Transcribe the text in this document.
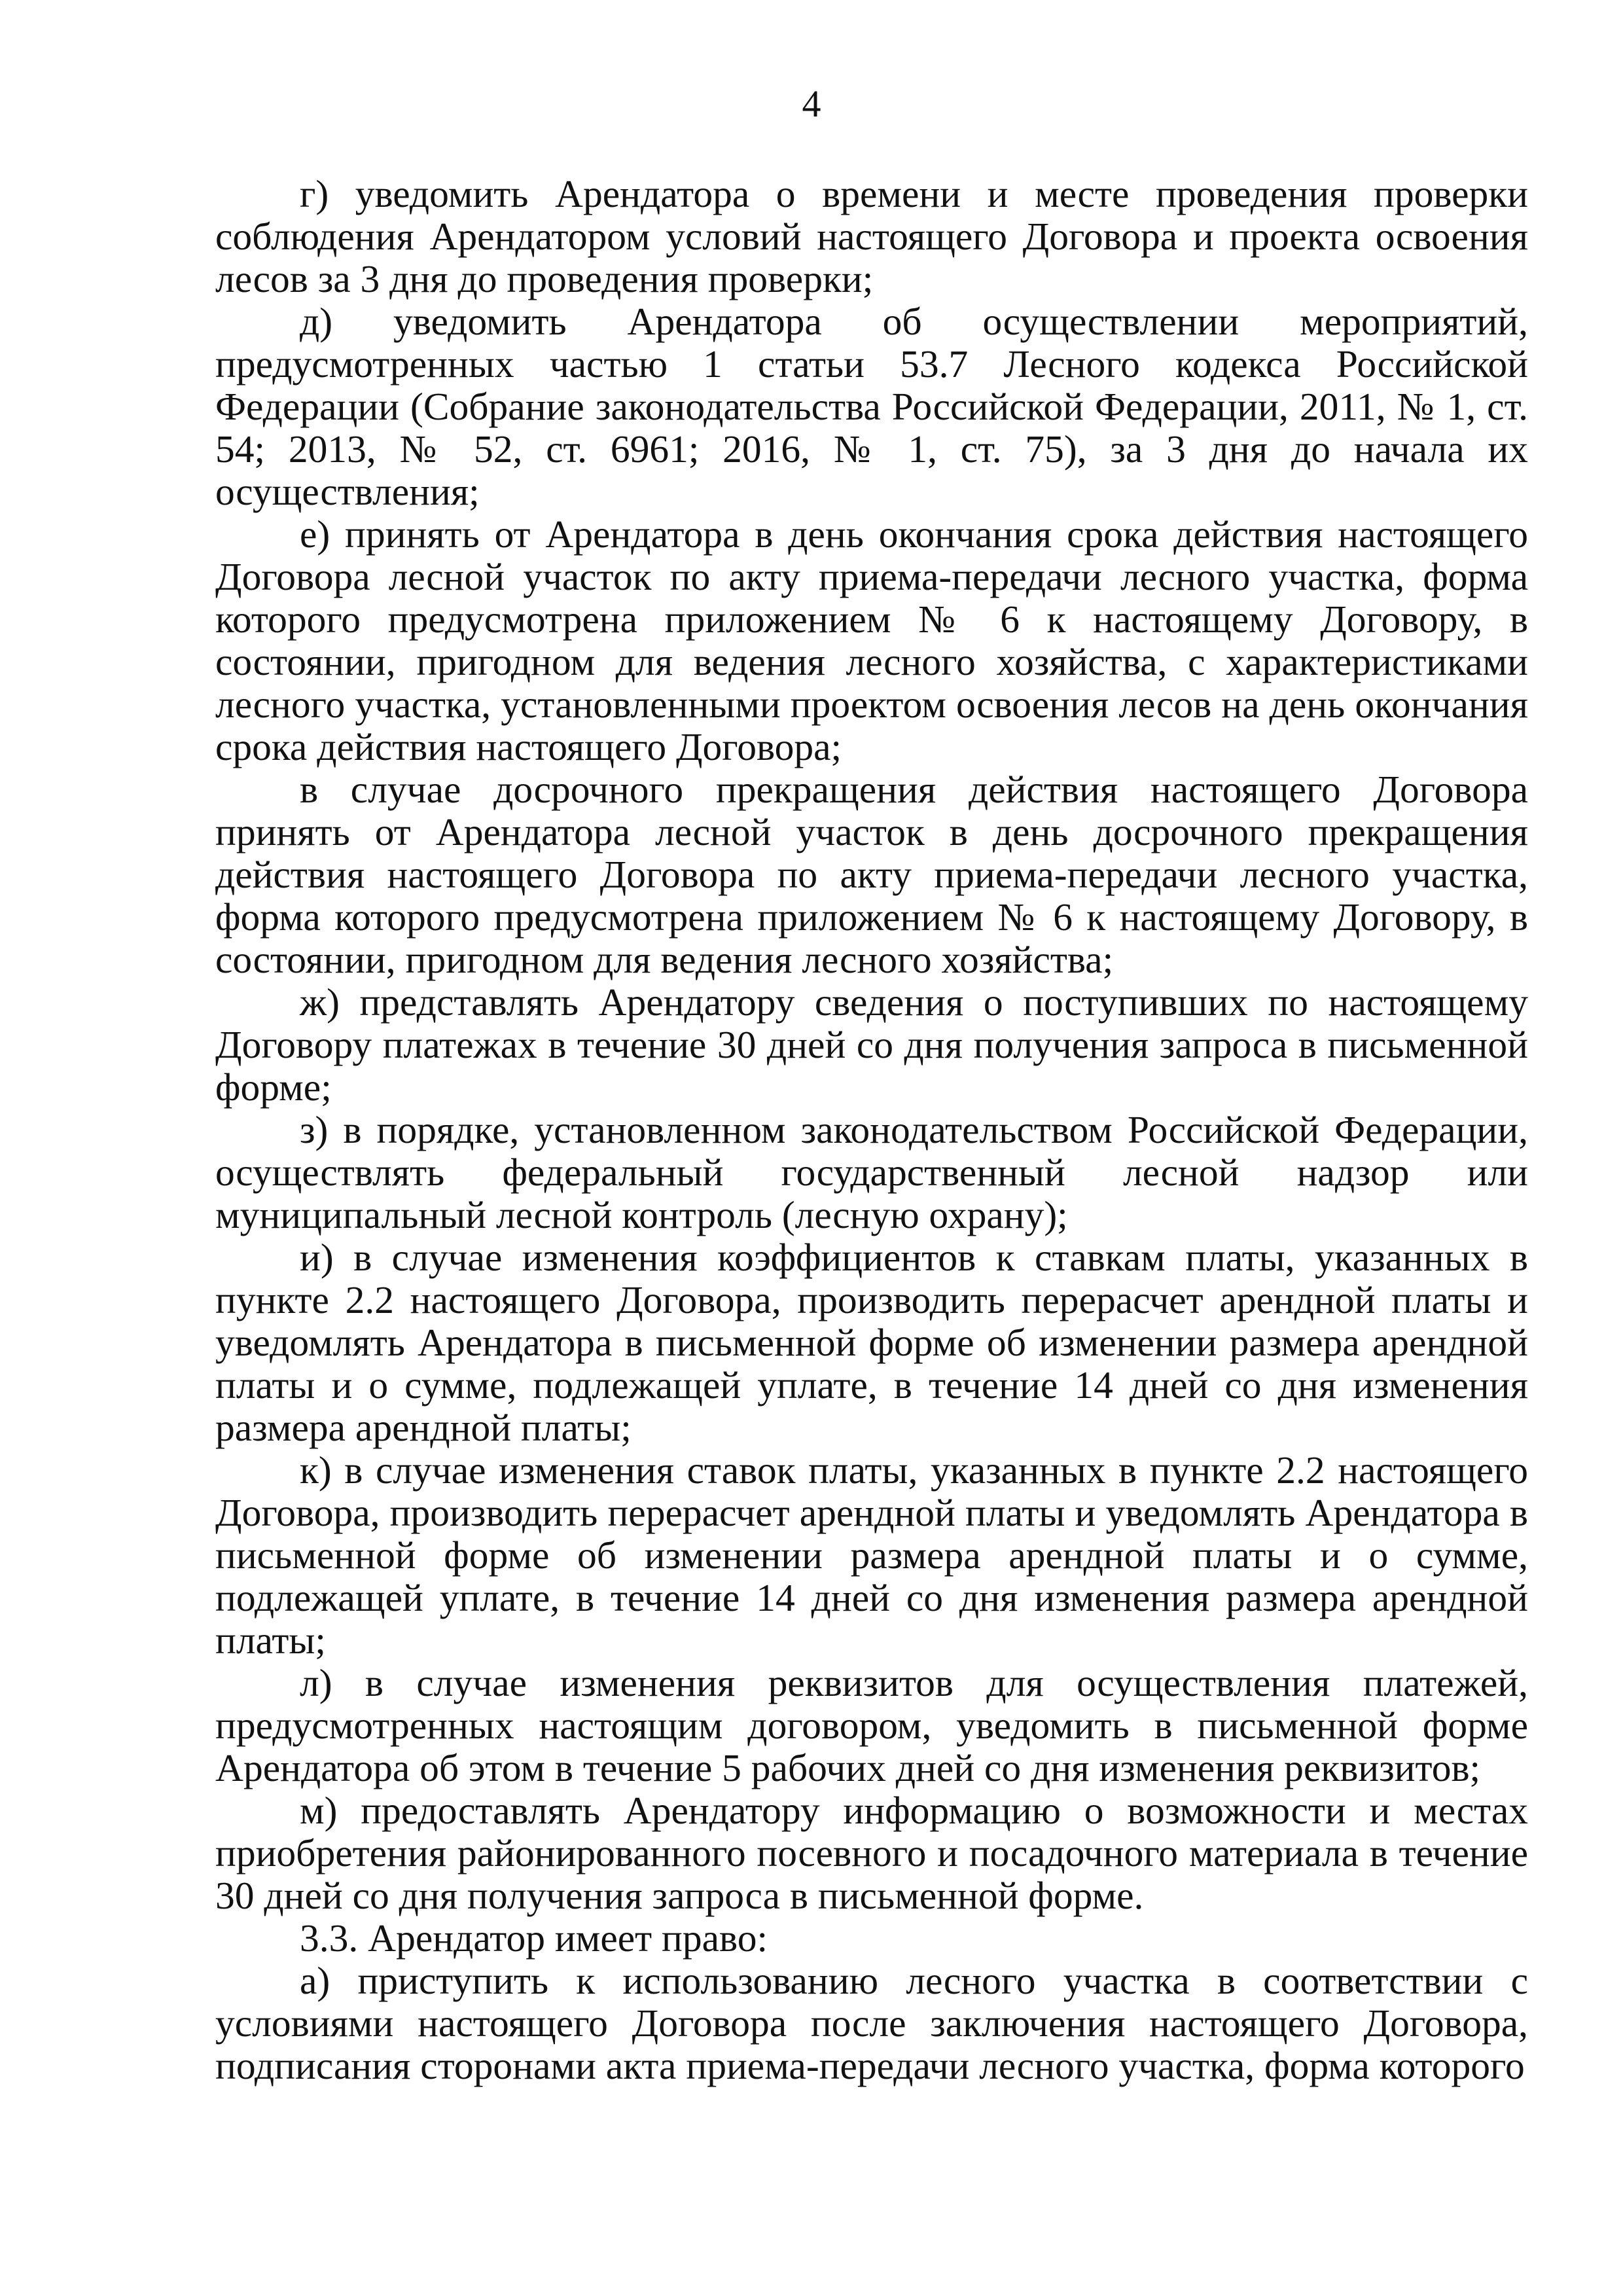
4

г) уведомить Арендатора о времени и месте проведения проверки соблюдения Арендатором условий настоящего Договора и проекта освоения лесов за 3 дня до проведения проверки;

д) уведомить Арендатора об осуществлении мероприятий, предусмотренных частью 1 статьи 53.7 Лесного кодекса Российской Федерации (Собрание законодательства Российской Федерации, 2011, № 1, ст. 54; 2013, № 52, ст. 6961; 2016, № 1, ст. 75), за 3 дня до начала их осуществления;

е) принять от Арендатора в день окончания срока действия настоящего Договора лесной участок по акту приема-передачи лесного участка, форма которого предусмотрена приложением № 6 к настоящему Договору, в состоянии, пригодном для ведения лесного хозяйства, с характеристиками лесного участка, установленными проектом освоения лесов на день окончания срока действия настоящего Договора;

в случае досрочного прекращения действия настоящего Договора принять от Арендатора лесной участок в день досрочного прекращения действия настоящего Договора по акту приема-передачи лесного участка, форма которого предусмотрена приложением № 6 к настоящему Договору, в состоянии, пригодном для ведения лесного хозяйства;

ж) представлять Арендатору сведения о поступивших по настоящему Договору платежах в течение 30 дней со дня получения запроса в письменной форме;

з) в порядке, установленном законодательством Российской Федерации, осуществлять федеральный государственный лесной надзор или муниципальный лесной контроль (лесную охрану);

и) в случае изменения коэффициентов к ставкам платы, указанных в пункте 2.2 настоящего Договора, производить перерасчет арендной платы и уведомлять Арендатора в письменной форме об изменении размера арендной платы и о сумме, подлежащей уплате, в течение 14 дней со дня изменения размера арендной платы;

к) в случае изменения ставок платы, указанных в пункте 2.2 настоящего Договора, производить перерасчет арендной платы и уведомлять Арендатора в письменной форме об изменении размера арендной платы и о сумме, подлежащей уплате, в течение 14 дней со дня изменения размера арендной платы;

л) в случае изменения реквизитов для осуществления платежей, предусмотренных настоящим договором, уведомить в письменной форме Арендатора об этом в течение 5 рабочих дней со дня изменения реквизитов;

м) предоставлять Арендатору информацию о возможности и местах приобретения районированного посевного и посадочного материала в течение 30 дней со дня получения запроса в письменной форме.

3.3. Арендатор имеет право:

а) приступить к использованию лесного участка в соответствии с условиями настоящего Договора после заключения настоящего Договора, подписания сторонами акта приема-передачи лесного участка, форма которого
